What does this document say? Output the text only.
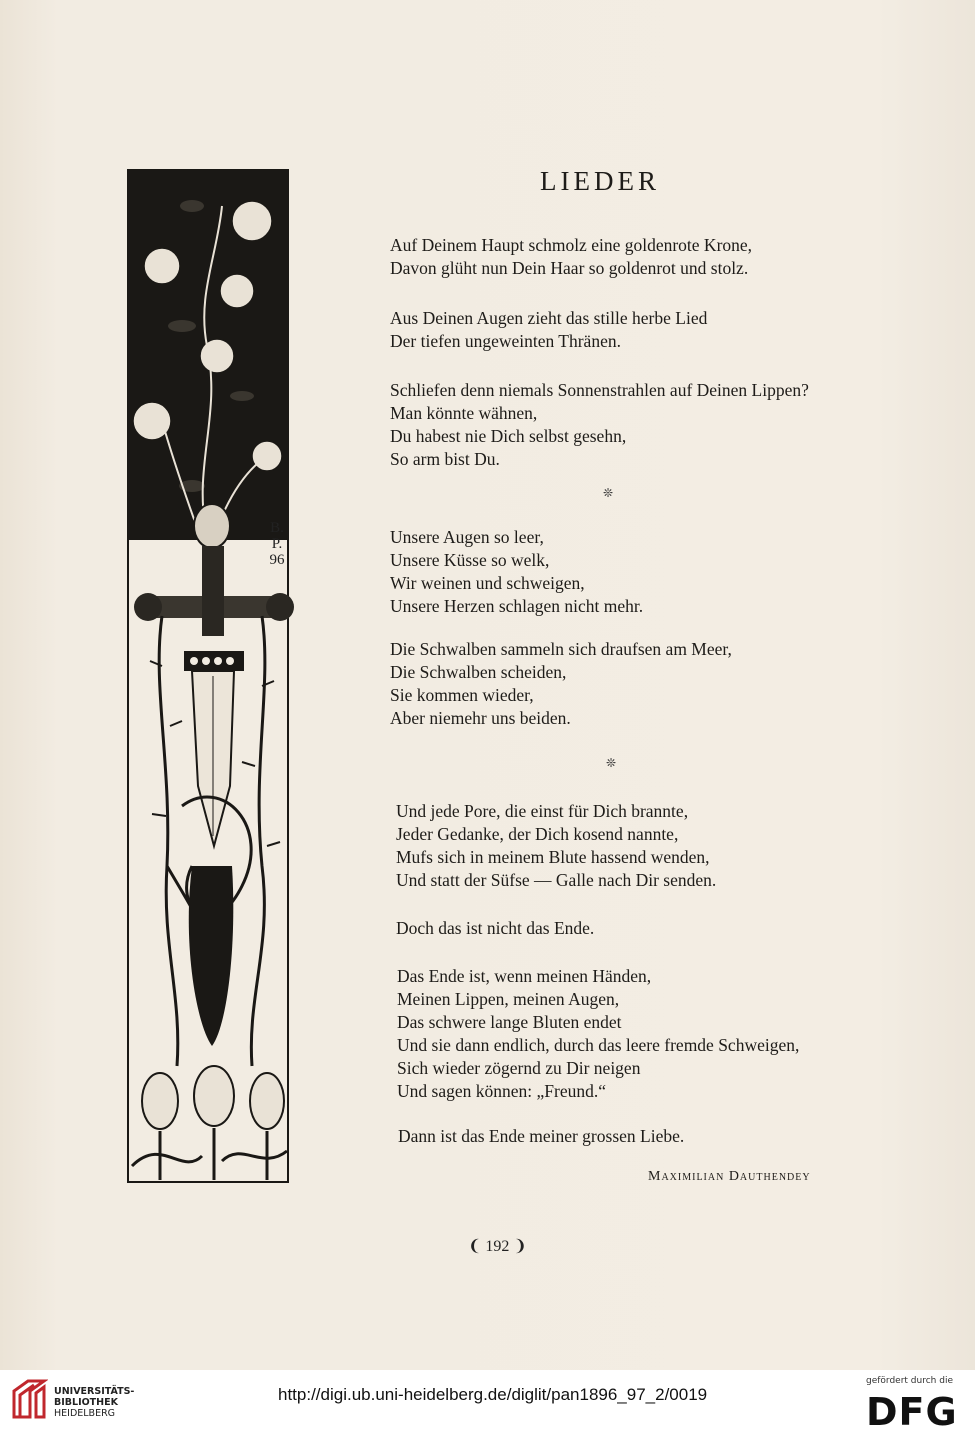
B.
P.
96
LIEDER
Auf Deinem Haupt schmolz eine goldenrote Krone,
Davon glüht nun Dein Haar so goldenrot und stolz.
Aus Deinen Augen zieht das stille herbe Lied
Der tiefen ungeweinten Thränen.
Schliefen denn niemals Sonnenstrahlen auf Deinen Lippen?
Man könnte wähnen,
Du habest nie Dich selbst gesehn,
So arm bist Du.
❊
Unsere Augen so leer,
Unsere Küsse so welk,
Wir weinen und schweigen,
Unsere Herzen schlagen nicht mehr.
Die Schwalben sammeln sich draufsen am Meer,
Die Schwalben scheiden,
Sie kommen wieder,
Aber niemehr uns beiden.
❊
Und jede Pore, die einst für Dich brannte,
Jeder Gedanke, der Dich kosend nannte,
Mufs sich in meinem Blute hassend wenden,
Und statt der Süfse — Galle nach Dir senden.
Doch das ist nicht das Ende.
Das Ende ist, wenn meinen Händen,
Meinen Lippen, meinen Augen,
Das schwere lange Bluten endet
Und sie dann endlich, durch das leere fremde Schweigen,
Sich wieder zögernd zu Dir neigen
Und sagen können: „Freund.“
Dann ist das Ende meiner grossen Liebe.
Maximilian Dauthendey
❨ 192 ❩
UNIVERSITÄTS-
BIBLIOTHEK
HEIDELBERG
http://digi.ub.uni-heidelberg.de/diglit/pan1896_97_2/0019
gefördert durch die
DFG
